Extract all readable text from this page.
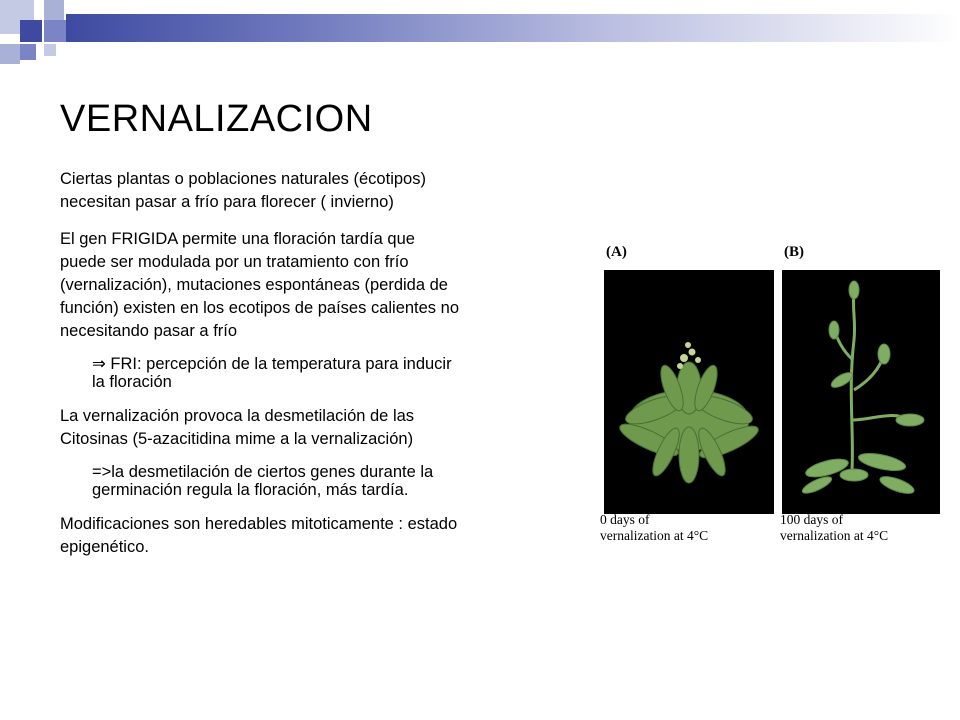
VERNALIZACION

Ciertas plantas o poblaciones naturales (écotipos)

necesitan pasar a frío para florecer ( invierno)

El gen FRIGIDA permite una floración tardía que

puede ser modulada por un tratamiento con frío

(vernalización), mutaciones espontáneas (perdida de

función) existen en los ecotipos de países calientes no

necesitando pasar a frío

⇒ FRI: percepción de la temperatura para inducir

la floración

La vernalización provoca la desmetilación de las

Citosinas (5-azacitidina mime a la vernalización)

=>la desmetilación de ciertos genes durante la

germinación regula la floración, más tardía.

Modificaciones son heredables mitoticamente : estado

epigenético.

(A)	(B)
0 days of
vernalization at 4°C
100 days of
vernalization at 4°C
